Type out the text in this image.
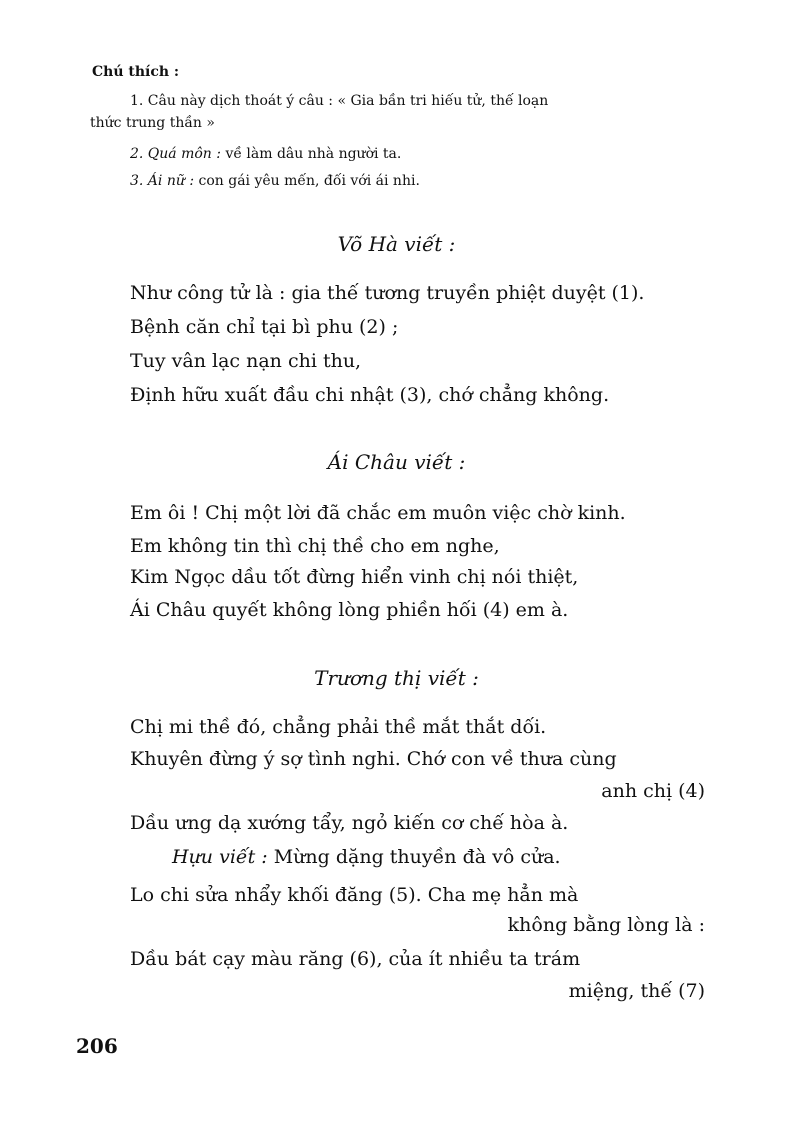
Chú thích :
1. Câu này dịch thoát ý câu : « Gia bần tri hiếu tử, thế loạn
thức trung thần »
2. Quá môn : về làm dâu nhà người ta.
3. Ái nữ : con gái yêu mến, đối với ái nhi.
Võ Hà viết :
Như công tử là : gia thế tương truyền phiệt duyệt (1).
Bệnh căn chỉ tại bì phu (2) ;
Tuy vân lạc nạn chi thu,
Định hữu xuất đầu chi nhật (3), chớ chẳng không.
Ái Châu viết :
Em ôi ! Chị một lời đã chắc em muôn việc chờ kinh.
Em không tin thì chị thề cho em nghe,
Kim Ngọc dầu tốt đừng hiển vinh chị nói thiệt,
Ái Châu quyết không lòng phiền hối (4) em à.
Trương thị viết :
Chị mi thề đó, chẳng phải thề mắt thắt dối.
Khuyên đừng ý sợ tình nghi. Chớ con về thưa cùng
anh chị (4)
Dầu ưng dạ xướng tẩy, ngỏ kiến cơ chế hòa à.
Hựu viết : Mừng dặng thuyền đà vô cửa.
Lo chi sửa nhẩy khối đăng (5). Cha mẹ hẳn mà
không bằng lòng là :
Dầu bát cạy màu răng (6), của ít nhiều ta trám
miệng, thế (7)
206
